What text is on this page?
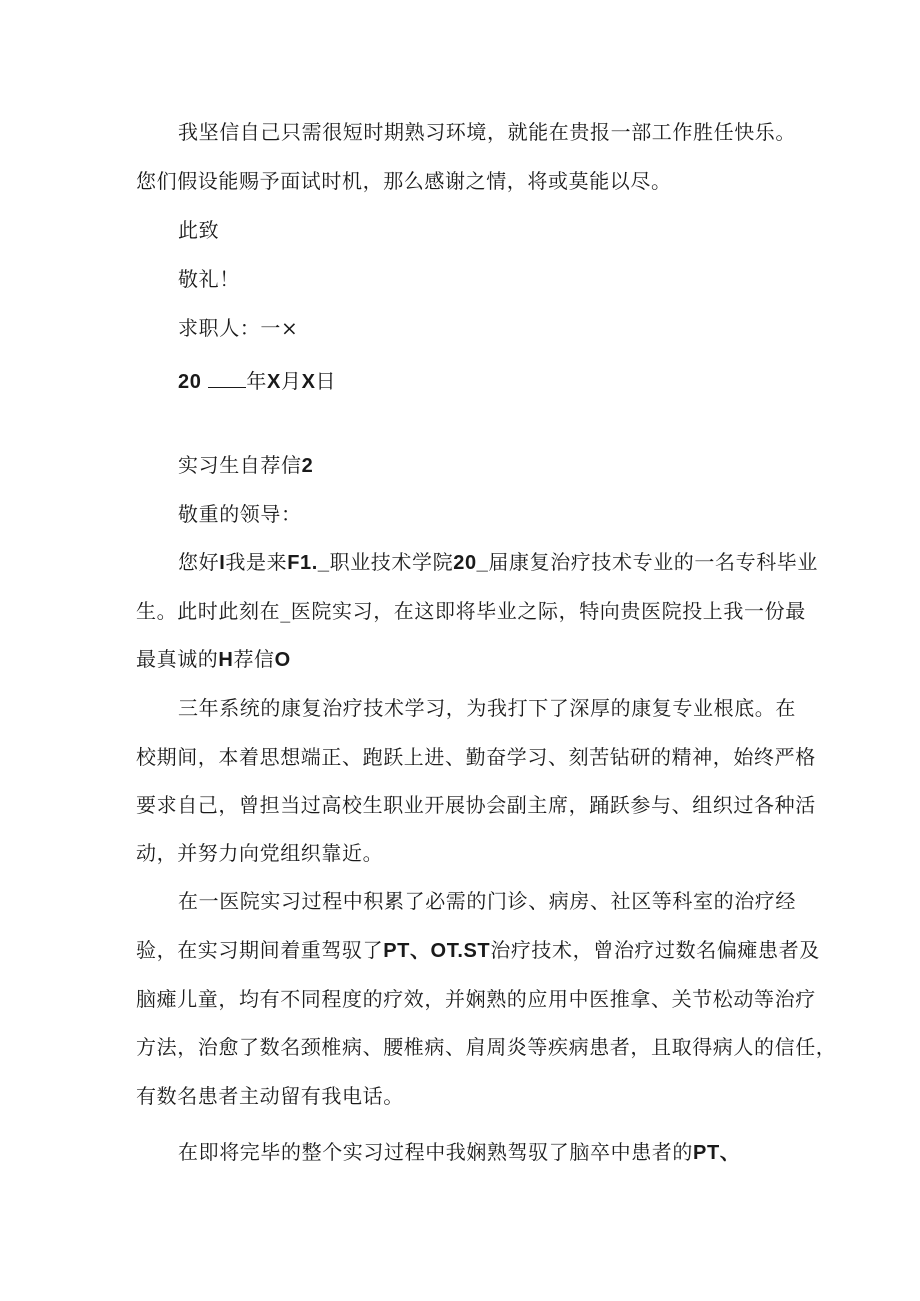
我坚信自己只需很短时期熟习环境，就能在贵报一部工作胜任快乐。
您们假设能赐予面试时机，那么感谢之情，将或莫能以尽。
此致
敬礼！
求职人：一×
20 年X月X日
实习生自荐信2
敬重的领导：
您好I我是来F1._职业技术学院20_届康复治疗技术专业的一名专科毕业
生。此时此刻在_医院实习，在这即将毕业之际，特向贵医院投上我一份最
最真诚的H荐信O
三年系统的康复治疗技术学习，为我打下了深厚的康复专业根底。在
校期间，本着思想端正、跑跃上进、勤奋学习、刻苦钻研的精神，始终严格
要求自己，曾担当过高校生职业开展协会副主席，踊跃参与、组织过各种活
动，并努力向党组织靠近。
在一医院实习过程中积累了必需的门诊、病房、社区等科室的治疗经
验，在实习期间着重驾驭了PT、OT.ST治疗技术，曾治疗过数名偏瘫患者及
脑瘫儿童，均有不同程度的疗效，并娴熟的应用中医推拿、关节松动等治疗
方法，治愈了数名颈椎病、腰椎病、肩周炎等疾病患者，且取得病人的信任，
有数名患者主动留有我电话。
在即将完毕的整个实习过程中我娴熟驾驭了脑卒中患者的PT、
